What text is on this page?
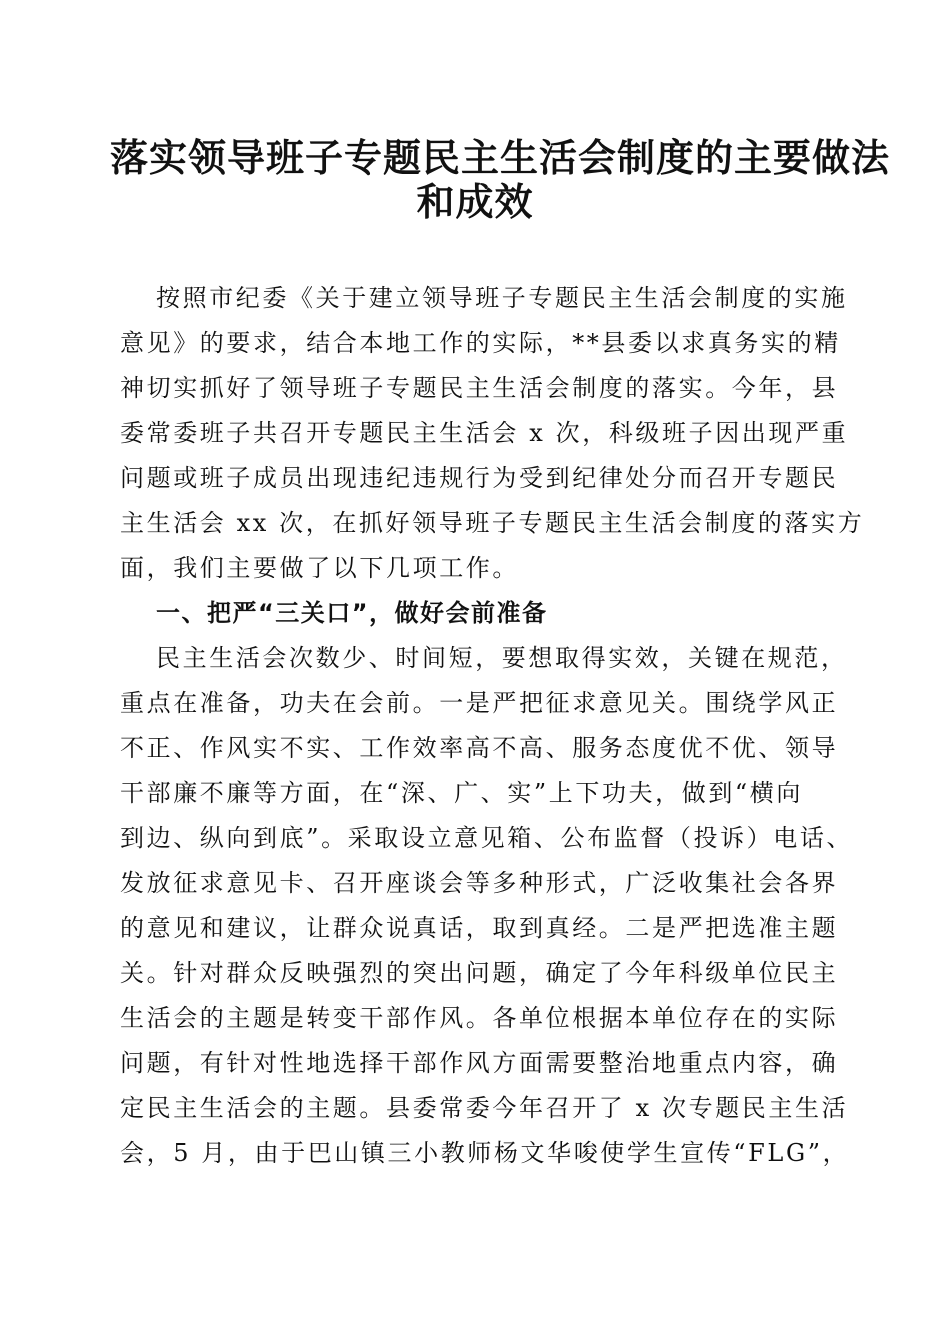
落实领导班子专题民主生活会制度的主要做法
和成效
按照市纪委《关于建立领导班子专题民主生活会制度的实施
意见》的要求，结合本地工作的实际，**县委以求真务实的精
神切实抓好了领导班子专题民主生活会制度的落实。今年，县
委常委班子共召开专题民主生活会 x 次，科级班子因出现严重
问题或班子成员出现违纪违规行为受到纪律处分而召开专题民
主生活会 xx 次，在抓好领导班子专题民主生活会制度的落实方
面，我们主要做了以下几项工作。
一、把严“三关口”，做好会前准备
民主生活会次数少、时间短，要想取得实效，关键在规范，
重点在准备，功夫在会前。一是严把征求意见关。围绕学风正
不正、作风实不实、工作效率高不高、服务态度优不优、领导
干部廉不廉等方面，在“深、广、实”上下功夫，做到“横向
到边、纵向到底”。采取设立意见箱、公布监督（投诉）电话、
发放征求意见卡、召开座谈会等多种形式，广泛收集社会各界
的意见和建议，让群众说真话，取到真经。二是严把选准主题
关。针对群众反映强烈的突出问题，确定了今年科级单位民主
生活会的主题是转变干部作风。各单位根据本单位存在的实际
问题，有针对性地选择干部作风方面需要整治地重点内容，确
定民主生活会的主题。县委常委今年召开了 x 次专题民主生活
会，5 月，由于巴山镇三小教师杨文华唆使学生宣传“FLG”，
